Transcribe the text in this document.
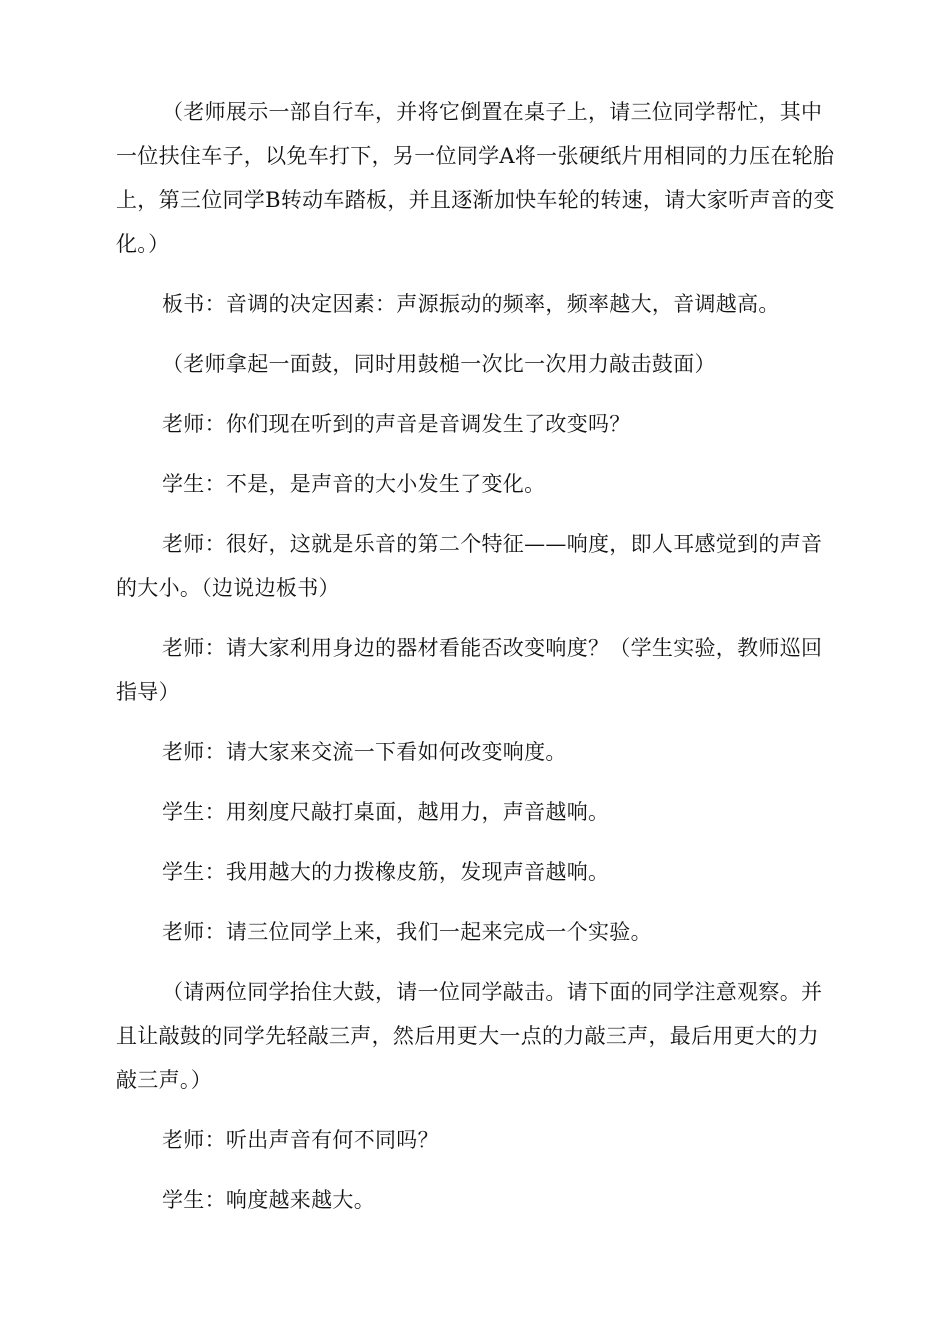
（老师展示一部自行车，并将它倒置在桌子上，请三位同学帮忙，其中一位扶住车子，以免车打下，另一位同学A将一张硬纸片用相同的力压在轮胎上，第三位同学B转动车踏板，并且逐渐加快车轮的转速，请大家听声音的变化。）

板书：音调的决定因素：声源振动的频率，频率越大，音调越高。

（老师拿起一面鼓，同时用鼓槌一次比一次用力敲击鼓面）

老师：你们现在听到的声音是音调发生了改变吗？

学生：不是，是声音的大小发生了变化。

老师：很好，这就是乐音的第二个特征——响度，即人耳感觉到的声音的大小。（边说边板书）

老师：请大家利用身边的器材看能否改变响度？（学生实验，教师巡回指导）

老师：请大家来交流一下看如何改变响度。

学生：用刻度尺敲打桌面，越用力，声音越响。

学生：我用越大的力拨橡皮筋，发现声音越响。

老师：请三位同学上来，我们一起来完成一个实验。

（请两位同学抬住大鼓，请一位同学敲击。请下面的同学注意观察。并且让敲鼓的同学先轻敲三声，然后用更大一点的力敲三声，最后用更大的力敲三声。）

老师：听出声音有何不同吗？

学生：响度越来越大。
